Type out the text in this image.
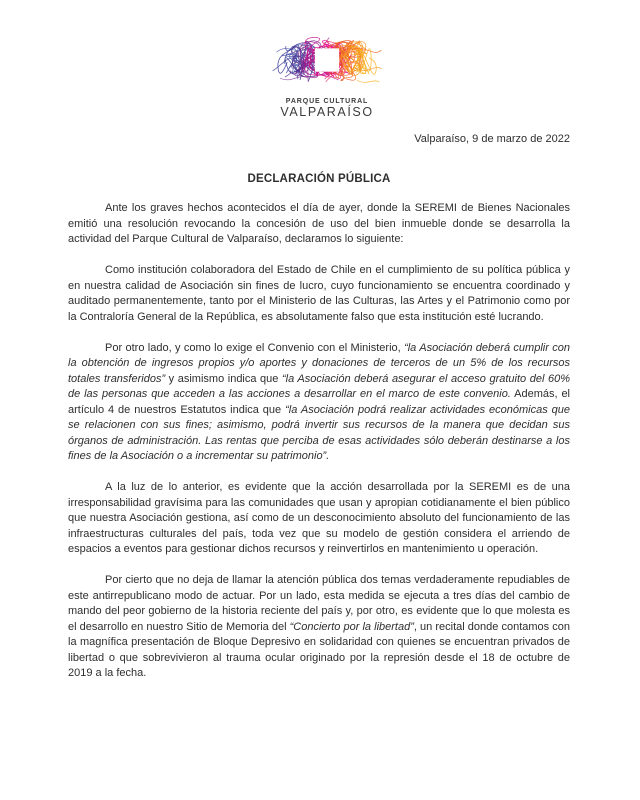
PARQUE CULTURAL
VALPARAÍSO
Valparaíso, 9 de marzo de 2022
DECLARACIÓN PÚBLICA

Ante los graves hechos acontecidos el día de ayer, donde la SEREMI de Bienes Nacionales emitió una resolución revocando la concesión de uso del bien inmueble donde se desarrolla la actividad del Parque Cultural de Valparaíso, declaramos lo siguiente:

Como institución colaboradora del Estado de Chile en el cumplimiento de su política pública y en nuestra calidad de Asociación sin fines de lucro, cuyo funcionamiento se encuentra coordinado y auditado permanentemente, tanto por el Ministerio de las Culturas, las Artes y el Patrimonio como por la Contraloría General de la República, es absolutamente falso que esta institución esté lucrando.

Por otro lado, y como lo exige el Convenio con el Ministerio, “la Asociación deberá cumplir con la obtención de ingresos propios y/o aportes y donaciones de terceros de un 5% de los recursos totales transferidos” y asimismo indica que “la Asociación deberá asegurar el acceso gratuito del 60% de las personas que acceden a las acciones a desarrollar en el marco de este convenio. Además, el artículo 4 de nuestros Estatutos indica que “la Asociación podrá realizar actividades económicas que se relacionen con sus fines; asimismo, podrá invertir sus recursos de la manera que decidan sus órganos de administración. Las rentas que perciba de esas actividades sólo deberán destinarse a los fines de la Asociación o a incrementar su patrimonio”.

A la luz de lo anterior, es evidente que la acción desarrollada por la SEREMI es de una irresponsabilidad gravísima para las comunidades que usan y apropian cotidianamente el bien público que nuestra Asociación gestiona, así como de un desconocimiento absoluto del funcionamiento de las infraestructuras culturales del país, toda vez que su modelo de gestión considera el arriendo de espacios a eventos para gestionar dichos recursos y reinvertirlos en mantenimiento u operación.

Por cierto que no deja de llamar la atención pública dos temas verdaderamente repudiables de este antirrepublicano modo de actuar. Por un lado, esta medida se ejecuta a tres días del cambio de mando del peor gobierno de la historia reciente del país y, por otro, es evidente que lo que molesta es el desarrollo en nuestro Sitio de Memoria del “Concierto por la libertad”, un recital donde contamos con la magnífica presentación de Bloque Depresivo en solidaridad con quienes se encuentran privados de libertad o que sobrevivieron al trauma ocular originado por la represión desde el 18 de octubre de 2019 a la fecha.
